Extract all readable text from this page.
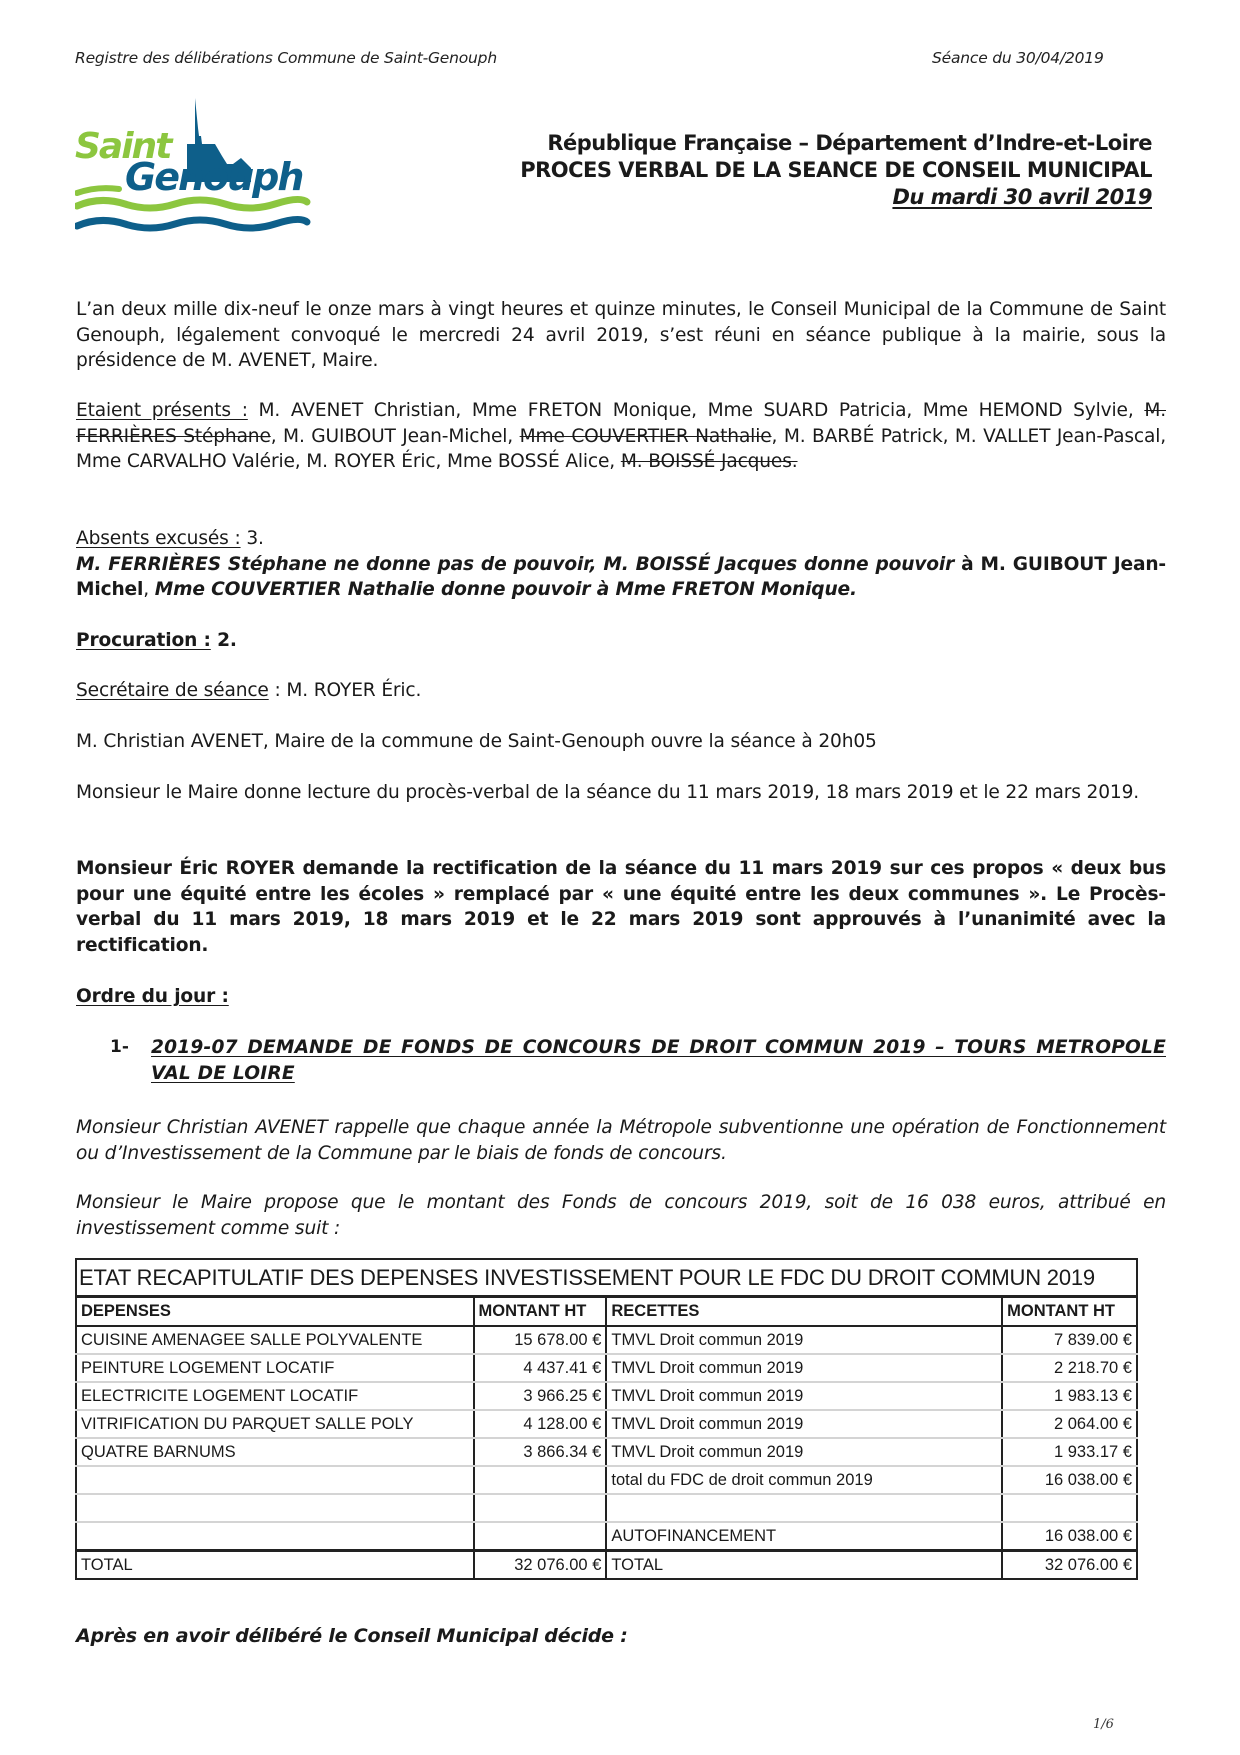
Registre des délibérations Commune de Saint-Genouph	Séance du 30/04/2019
Saint
Genouph
République Française – Département d’Indre-et-Loire
PROCES VERBAL DE LA SEANCE DE CONSEIL MUNICIPAL
Du mardi 30 avril 2019
L’an deux mille dix-neuf le onze mars à vingt heures et quinze minutes, le Conseil Municipal de la Commune de Saint Genouph, légalement convoqué le mercredi 24 avril 2019, s’est réuni en séance publique à la mairie, sous la présidence de M. AVENET, Maire.
Etaient présents : M. AVENET Christian, Mme FRETON Monique, Mme SUARD Patricia, Mme HEMOND Sylvie, M. FERRIÈRES Stéphane, M. GUIBOUT Jean-Michel, Mme COUVERTIER Nathalie, M. BARBÉ Patrick, M. VALLET Jean-Pascal, Mme CARVALHO Valérie, M. ROYER Éric, Mme BOSSÉ Alice, M. BOISSÉ Jacques.
Absents excusés : 3.
M. FERRIÈRES Stéphane ne donne pas de pouvoir, M. BOISSÉ Jacques donne pouvoir à M. GUIBOUT Jean-Michel, Mme COUVERTIER Nathalie donne pouvoir à Mme FRETON Monique.
Procuration : 2.
Secrétaire de séance : M. ROYER Éric.
M. Christian AVENET, Maire de la commune de Saint-Genouph ouvre la séance à 20h05
Monsieur le Maire donne lecture du procès-verbal de la séance du 11 mars 2019, 18 mars 2019 et le 22 mars 2019.
Monsieur Éric ROYER demande la rectification de la séance du 11 mars 2019 sur ces propos « deux bus pour une équité entre les écoles » remplacé par « une équité entre les deux communes ». Le Procès-verbal du 11 mars 2019, 18 mars 2019 et le 22 mars 2019 sont approuvés à l’unanimité avec la rectification.
Ordre du jour :
1- 2019-07 DEMANDE DE FONDS DE CONCOURS DE DROIT COMMUN 2019 – TOURS METROPOLE VAL DE LOIRE
Monsieur Christian AVENET rappelle que chaque année la Métropole subventionne une opération de Fonctionnement ou d’Investissement de la Commune par le biais de fonds de concours.
Monsieur le Maire propose que le montant des Fonds de concours 2019, soit de 16 038 euros, attribué en investissement comme suit :
ETAT RECAPITULATIF DES DEPENSES INVESTISSEMENT POUR LE FDC DU DROIT COMMUN 2019			
DEPENSES	MONTANT HT	RECETTES	MONTANT HT
CUISINE AMENAGEE SALLE POLYVALENTE	15 678.00 €	TMVL Droit commun 2019	7 839.00 €
PEINTURE LOGEMENT LOCATIF	4 437.41 €	TMVL Droit commun 2019	2 218.70 €
ELECTRICITE LOGEMENT LOCATIF	3 966.25 €	TMVL Droit commun 2019	1 983.13 €
VITRIFICATION DU PARQUET SALLE POLY	4 128.00 €	TMVL Droit commun 2019	2 064.00 €
QUATRE BARNUMS	3 866.34 €	TMVL Droit commun 2019	1 933.17 €
		total du FDC de droit commun 2019	16 038.00 €

		AUTOFINANCEMENT	16 038.00 €
TOTAL	32 076.00 €	TOTAL	32 076.00 €
Après en avoir délibéré le Conseil Municipal décide :
1/6
